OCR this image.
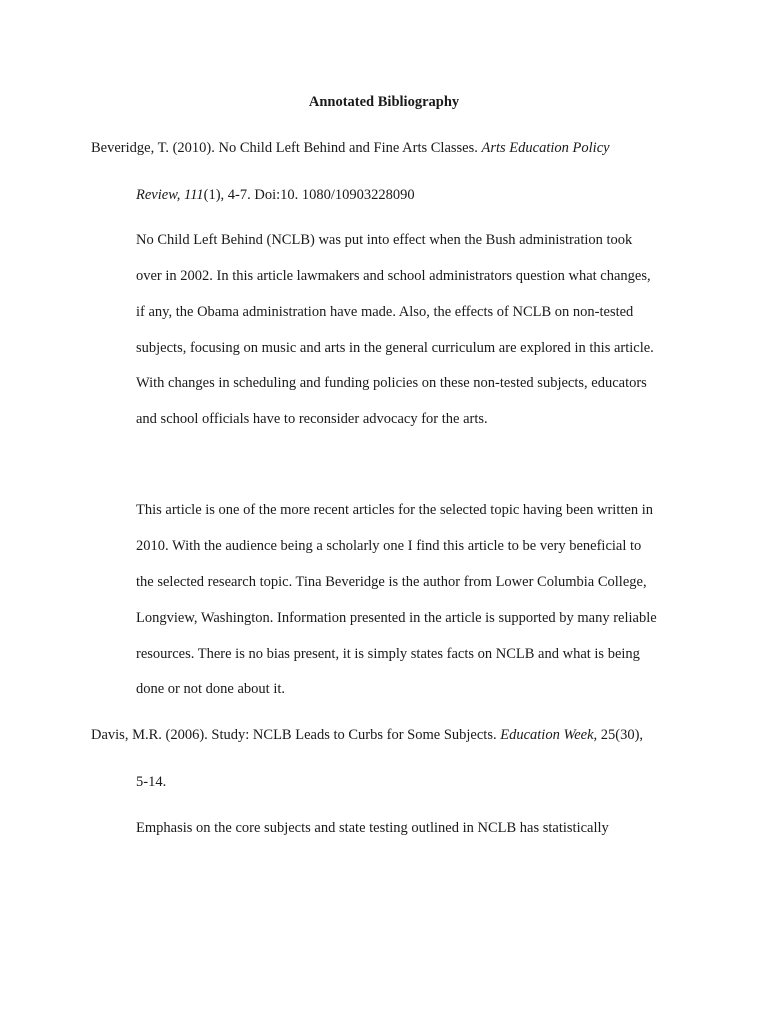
Annotated Bibliography
Beveridge, T. (2010). No Child Left Behind and Fine Arts Classes. Arts Education Policy
Review, 111(1), 4-7. Doi:10. 1080/10903228090
No Child Left Behind (NCLB) was put into effect when the Bush administration took
over in 2002. In this article lawmakers and school administrators question what changes,
if any, the Obama administration have made. Also, the effects of NCLB on non-tested
subjects, focusing on music and arts in the general curriculum are explored in this article.
With changes in scheduling and funding policies on these non-tested subjects, educators
and school officials have to reconsider advocacy for the arts.
This article is one of the more recent articles for the selected topic having been written in
2010. With the audience being a scholarly one I find this article to be very beneficial to
the selected research topic. Tina Beveridge is the author from Lower Columbia College,
Longview, Washington. Information presented in the article is supported by many reliable
resources. There is no bias present, it is simply states facts on NCLB and what is being
done or not done about it.
Davis, M.R. (2006). Study: NCLB Leads to Curbs for Some Subjects. Education Week, 25(30),
5-14.
Emphasis on the core subjects and state testing outlined in NCLB has statistically
